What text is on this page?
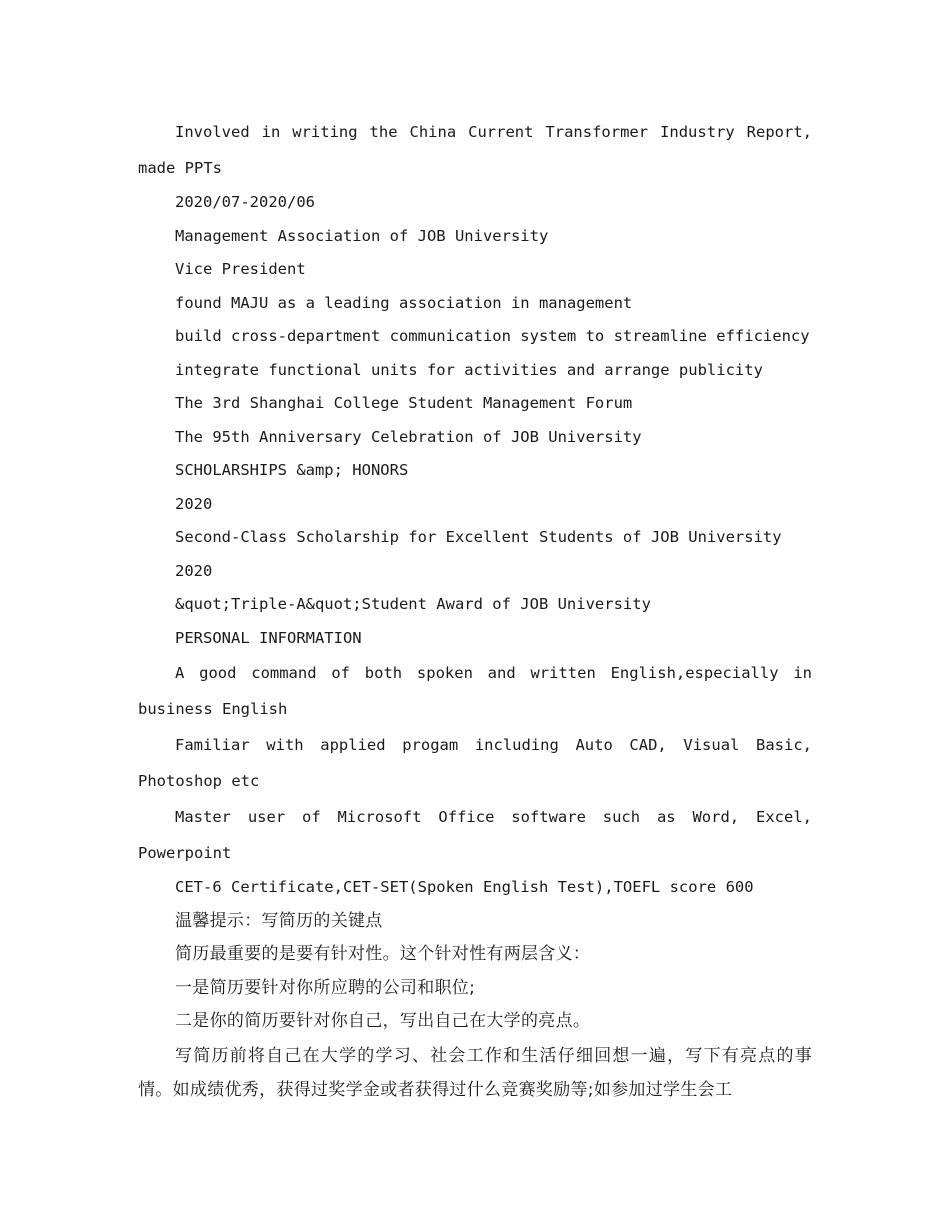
Involved in writing the China Current Transformer Industry Report, made PPTs

2020/07-2020/06
Management Association of JOB University
Vice President
found MAJU as a leading association in management
build cross-department communication system to streamline efficiency
integrate functional units for activities and arrange publicity
The 3rd Shanghai College Student Management Forum
The 95th Anniversary Celebration of JOB University
SCHOLARSHIPS &amp; HONORS
2020
Second-Class Scholarship for Excellent Students of JOB University
2020
&quot;Triple-A&quot;Student Award of JOB University
PERSONAL INFORMATION

A good command of both spoken and written English,especially in business English

Familiar with applied progam including Auto CAD, Visual Basic, Photoshop etc

Master user of Microsoft Office software such as Word, Excel, Powerpoint

CET-6 Certificate,CET-SET(Spoken English Test),TOEFL score 600
温馨提示：写简历的关键点
简历最重要的是要有针对性。这个针对性有两层含义：
一是简历要针对你所应聘的公司和职位;
二是你的简历要针对你自己，写出自己在大学的亮点。

写简历前将自己在大学的学习、社会工作和生活仔细回想一遍，写下有亮点的事情。如成绩优秀，获得过奖学金或者获得过什么竞赛奖励等;如参加过学生会工
